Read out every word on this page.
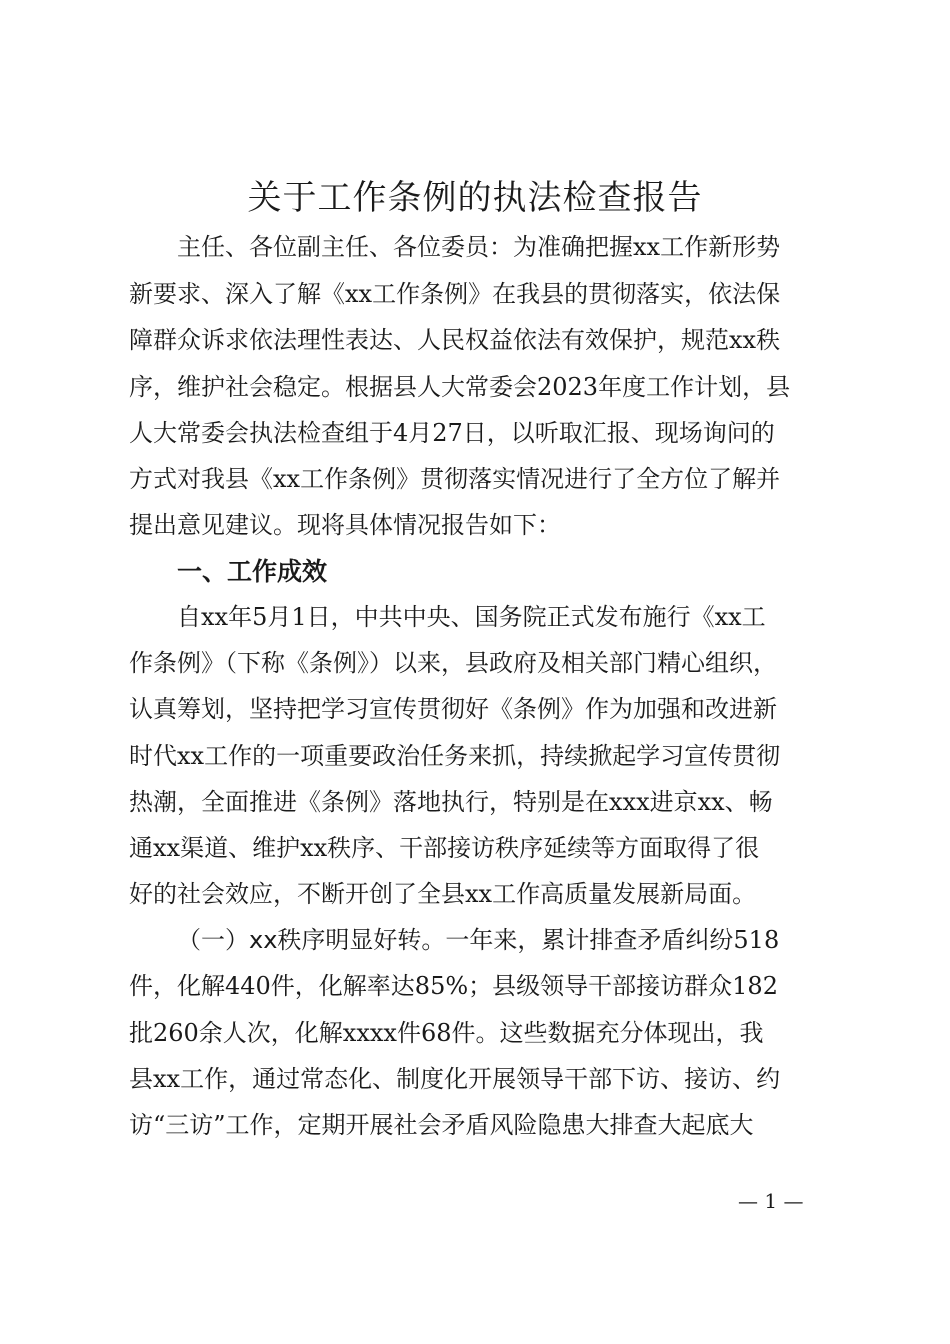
关于工作条例的执法检查报告
主任、各位副主任、各位委员：为准确把握xx工作新形势
新要求、深入了解《xx工作条例》在我县的贯彻落实，依法保
障群众诉求依法理性表达、人民权益依法有效保护，规范xx秩
序，维护社会稳定。根据县人大常委会2023年度工作计划，县
人大常委会执法检查组于4月27日，以听取汇报、现场询问的
方式对我县《xx工作条例》贯彻落实情况进行了全方位了解并
提出意见建议。现将具体情况报告如下：
一、工作成效
自xx年5月1日，中共中央、国务院正式发布施行《xx工
作条例》（下称《条例》）以来，县政府及相关部门精心组织，
认真筹划，坚持把学习宣传贯彻好《条例》作为加强和改进新
时代xx工作的一项重要政治任务来抓，持续掀起学习宣传贯彻
热潮，全面推进《条例》落地执行，特别是在xxx进京xx、畅
通xx渠道、维护xx秩序、干部接访秩序延续等方面取得了很
好的社会效应，不断开创了全县xx工作高质量发展新局面。
（一）xx秩序明显好转。一年来，累计排查矛盾纠纷518
件，化解440件，化解率达85%；县级领导干部接访群众182
批260余人次，化解xxxx件68件。这些数据充分体现出，我
县xx工作，通过常态化、制度化开展领导干部下访、接访、约
访“三访”工作，定期开展社会矛盾风险隐患大排查大起底大
— 1 —
